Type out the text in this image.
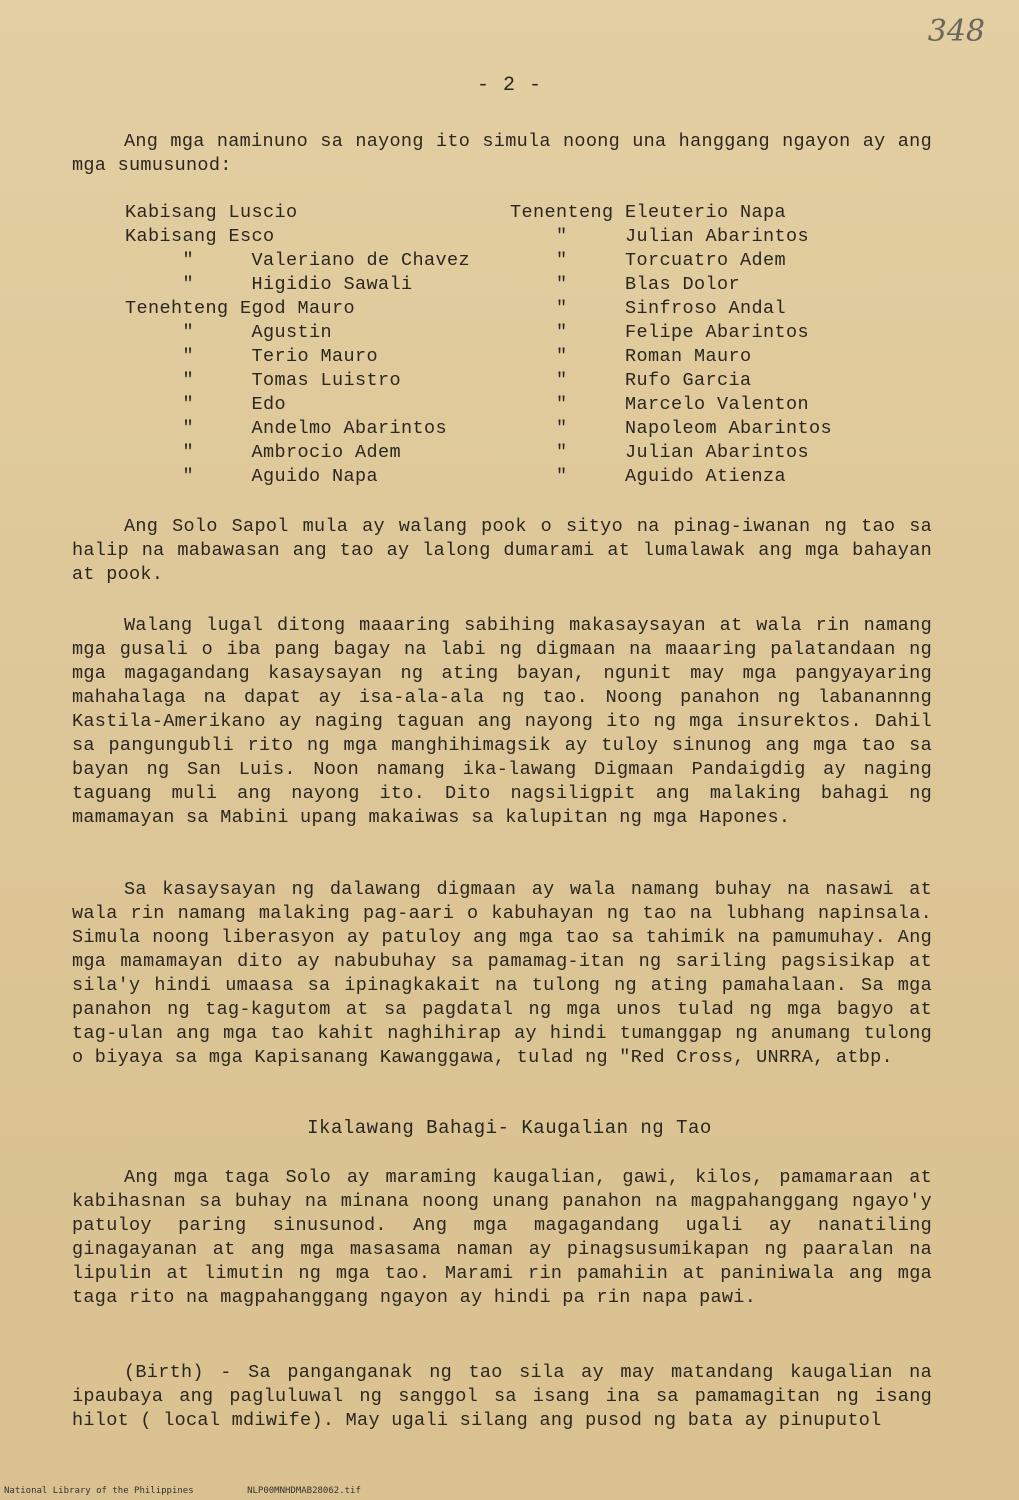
348
- 2 -

Ang mga naminuno sa nayong ito simula noong una hanggang ngayon ay ang mga sumusunod:

Kabisang Luscio
Kabisang Esco
"     Valeriano de Chavez
"     Higidio Sawali
Tenehteng Egod Mauro
"     Agustin
"     Terio Mauro
"     Tomas Luistro
"     Edo
"     Andelmo Abarintos
"     Ambrocio Adem
"     Aguido Napa
Tenenteng Eleuterio Napa
"     Julian Abarintos
"     Torcuatro Adem
"     Blas Dolor
"     Sinfroso Andal
"     Felipe Abarintos
"     Roman Mauro
"     Rufo Garcia
"     Marcelo Valenton
"     Napoleom Abarintos
"     Julian Abarintos
"     Aguido Atienza

Ang Solo Sapol mula ay walang pook o sityo na pinag-iwanan ng tao sa halip na mabawasan ang tao ay lalong dumarami at lumalawak ang mga bahayan at pook.

Walang lugal ditong maaaring sabihing makasaysayan at wala rin namang mga gusali o iba pang bagay na labi ng digmaan na maaaring palatandaan ng mga magagandang kasaysayan ng ating bayan, ngunit may mga pangyayaring mahahalaga na dapat ay isa-ala-ala ng tao. Noong panahon ng labanannng Kastila-Amerikano ay naging taguan ang nayong ito ng mga insurektos. Dahil sa pangungubli rito ng mga manghihimagsik ay tuloy sinunog ang mga tao sa bayan ng San Luis. Noon namang ika-lawang Digmaan Pandaigdig ay naging taguang muli ang nayong ito. Dito nagsiligpit ang malaking bahagi ng mamamayan sa Mabini upang makaiwas sa kalupitan ng mga Hapones.

Sa kasaysayan ng dalawang digmaan ay wala namang buhay na nasawi at wala rin namang malaking pag-aari o kabuhayan ng tao na lubhang napinsala. Simula noong liberasyon ay patuloy ang mga tao sa tahimik na pamumuhay. Ang mga mamamayan dito ay nabubuhay sa pamamag-itan ng sariling pagsisikap at sila'y hindi umaasa sa ipinagkakait na tulong ng ating pamahalaan. Sa mga panahon ng tag-kagutom at sa pagdatal ng mga unos tulad ng mga bagyo at tag-ulan ang mga tao kahit naghihirap ay hindi tumanggap ng anumang tulong o biyaya sa mga Kapisanang Kawanggawa, tulad ng "Red Cross, UNRRA, atbp.

Ikalawang Bahagi- Kaugalian ng Tao

Ang mga taga Solo ay maraming kaugalian, gawi, kilos, pamamaraan at kabihasnan sa buhay na minana noong unang panahon na magpahanggang ngayo'y patuloy paring sinusunod. Ang mga magagandang ugali ay nanatiling ginagayanan at ang mga masasama naman ay pinagsusumikapan ng paaralan na lipulin at limutin ng mga tao. Marami rin pamahiin at paniniwala ang mga taga rito na magpahanggang ngayon ay hindi pa rin napa pawi.

(Birth) - Sa panganganak ng tao sila ay may matandang kaugalian na ipaubaya ang pagluluwal ng sanggol sa isang ina sa pamamagitan ng isang hilot ( local mdiwife). May ugali silang ang pusod ng bata ay pinuputol

National Library of the Philippines	NLP00MNHDMAB28062.tif
